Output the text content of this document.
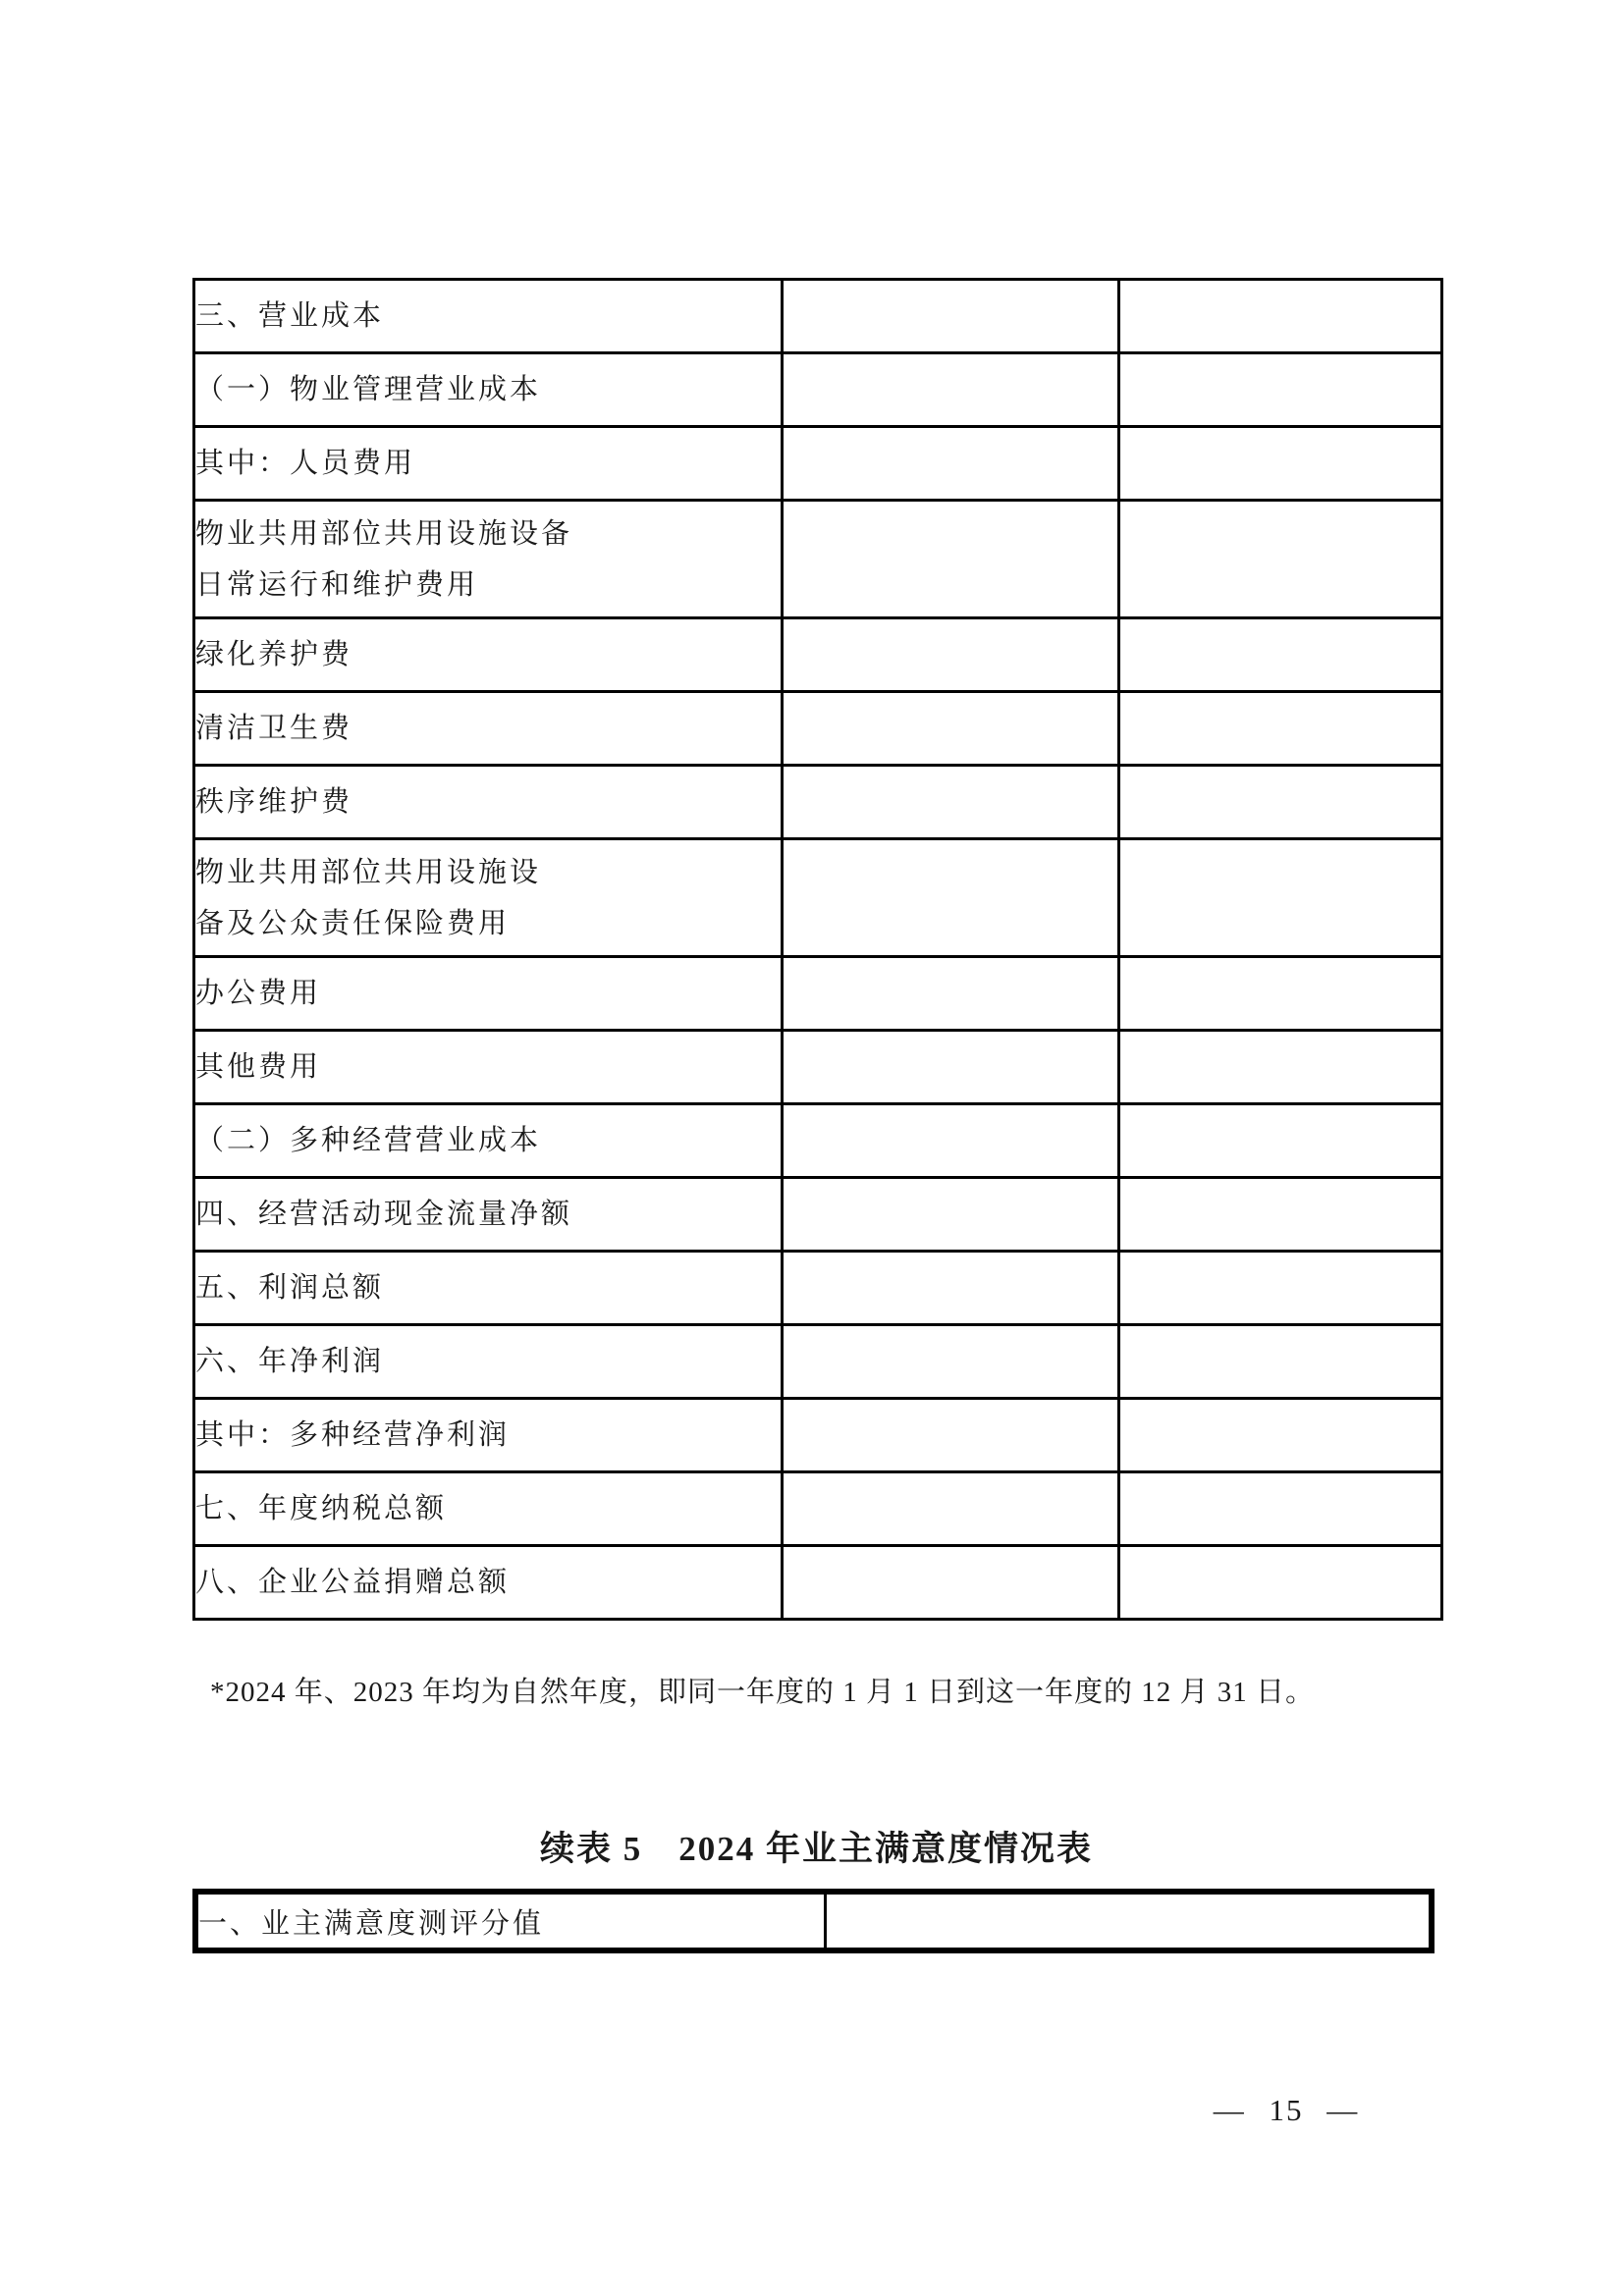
三、营业成本		

（一）物业管理营业成本		

其中：人员费用		

物业共用部位共用设施设备
日常运行和维护费用		

绿化养护费		

清洁卫生费		

秩序维护费		

物业共用部位共用设施设
备及公众责任保险费用		

办公费用		

其他费用		

（二）多种经营营业成本		

四、经营活动现金流量净额		

五、利润总额		

六、年净利润		

其中：多种经营净利润		

七、年度纳税总额		

八、企业公益捐赠总额		

*2024 年、2023 年均为自然年度，即同一年度的 1 月 1 日到这一年度的 12 月 31 日。
续表 5　2024 年业主满意度情况表
一、业主满意度测评分值

— 15 —
